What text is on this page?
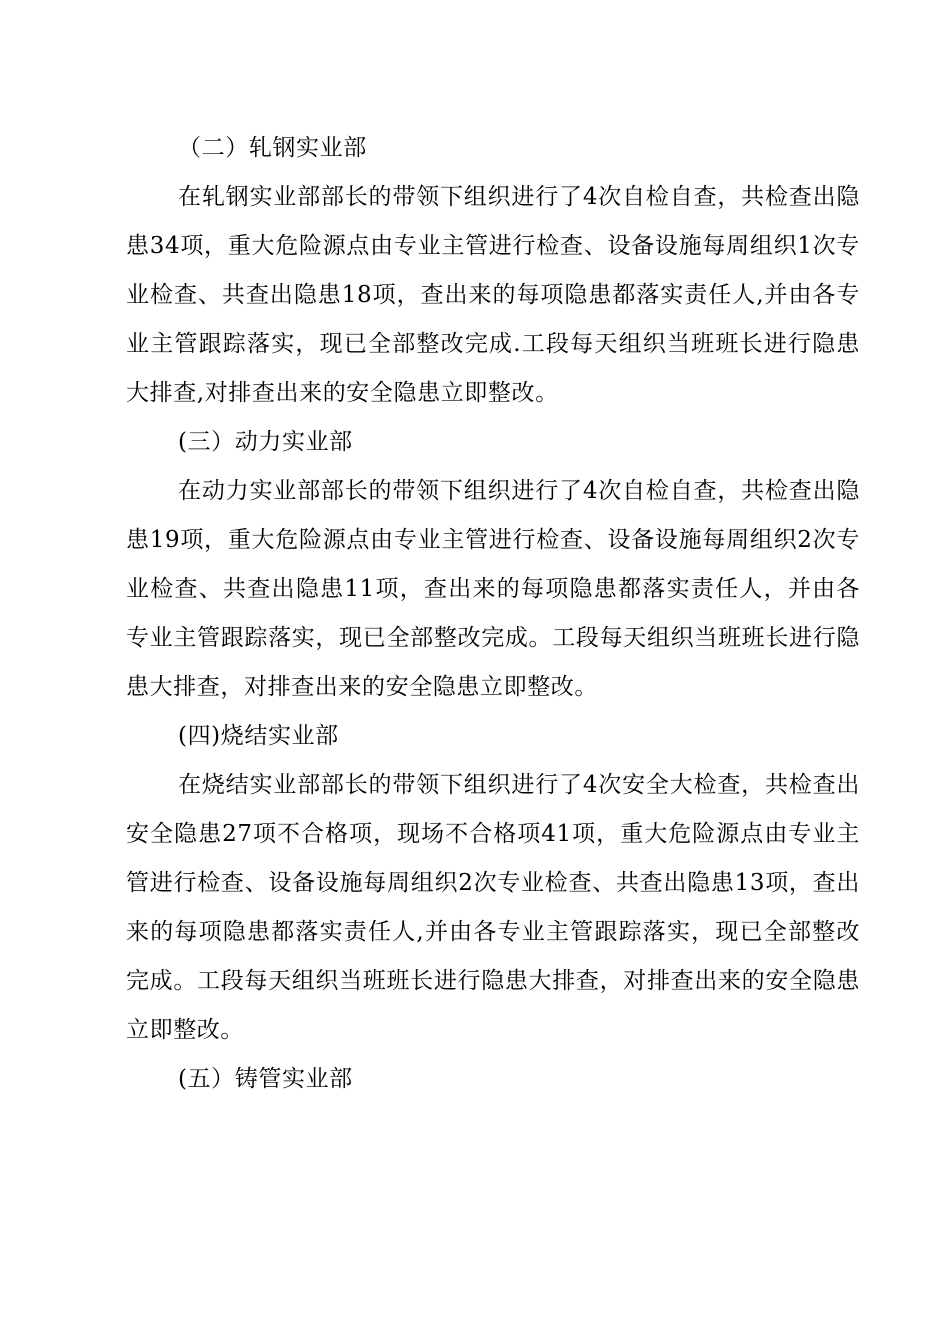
（二）轧钢实业部

在轧钢实业部部长的带领下组织进行了4次自检自查，共检查出隐患34项，重大危险源点由专业主管进行检查、设备设施每周组织1次专业检查、共查出隐患18项，查出来的每项隐患都落实责任人,并由各专业主管跟踪落实，现已全部整改完成.工段每天组织当班班长进行隐患大排查,对排查出来的安全隐患立即整改。

(三）动力实业部

在动力实业部部长的带领下组织进行了4次自检自查，共检查出隐患19项，重大危险源点由专业主管进行检查、设备设施每周组织2次专业检查、共查出隐患11项，查出来的每项隐患都落实责任人，并由各专业主管跟踪落实，现已全部整改完成。工段每天组织当班班长进行隐患大排查，对排查出来的安全隐患立即整改。

(四)烧结实业部

在烧结实业部部长的带领下组织进行了4次安全大检查，共检查出安全隐患27项不合格项，现场不合格项41项，重大危险源点由专业主管进行检查、设备设施每周组织2次专业检查、共查出隐患13项，查出来的每项隐患都落实责任人,并由各专业主管跟踪落实，现已全部整改完成。工段每天组织当班班长进行隐患大排查，对排查出来的安全隐患立即整改。

(五）铸管实业部
